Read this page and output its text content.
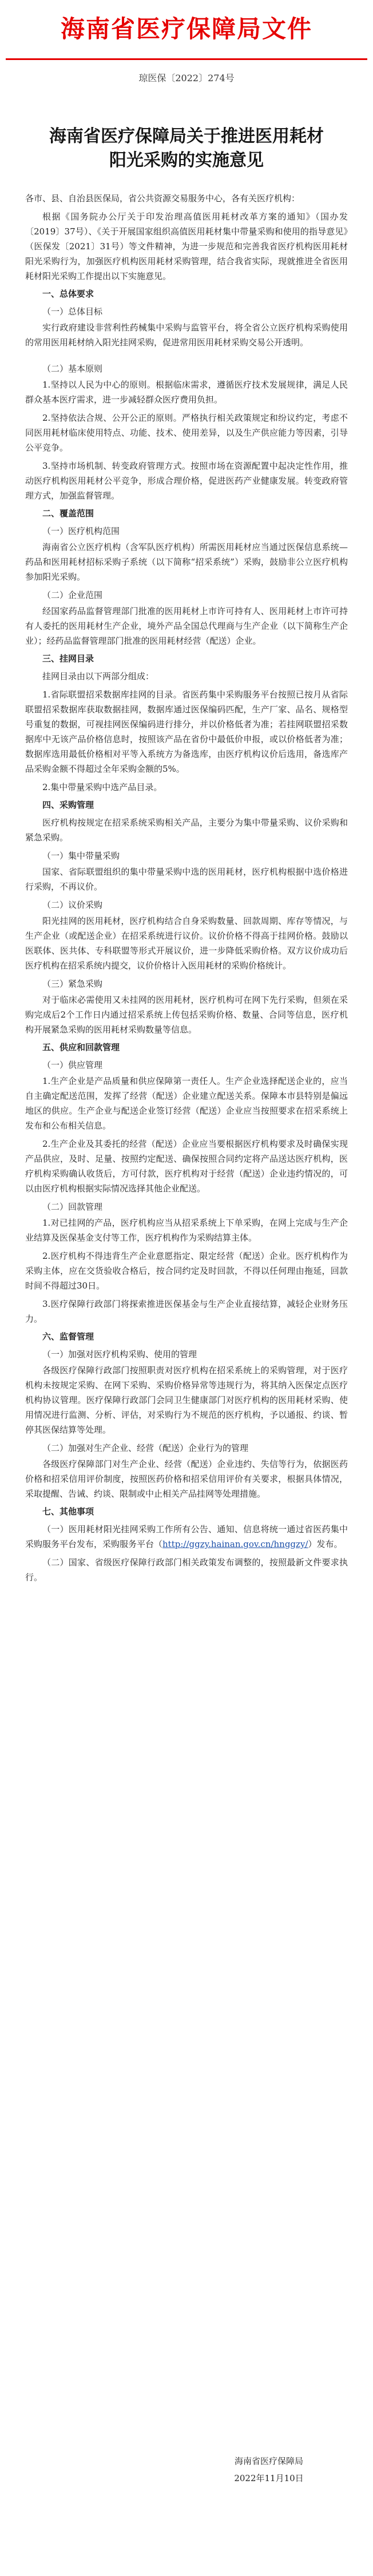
海南省医疗保障局文件
琼医保〔2022〕274号
海南省医疗保障局关于推进医用耗材阳光采购的实施意见

各市、县、自治县医保局，省公共资源交易服务中心，各有关医疗机构：

根据《国务院办公厅关于印发治理高值医用耗材改革方案的通知》（国办发〔2019〕37号）、《关于开展国家组织高值医用耗材集中带量采购和使用的指导意见》（医保发〔2021〕31号）等文件精神，为进一步规范和完善我省医疗机构医用耗材阳光采购行为，加强医疗机构医用耗材采购管理，结合我省实际，现就推进全省医用耗材阳光采购工作提出以下实施意见。

一、总体要求
（一）总体目标

实行政府建设非营利性药械集中采购与监管平台，将全省公立医疗机构采购使用的常用医用耗材纳入阳光挂网采购，促进常用医用耗材采购交易公开透明。

（二）基本原则

1.坚持以人民为中心的原则。根据临床需求，遵循医疗技术发展规律，满足人民群众基本医疗需求，进一步减轻群众医疗费用负担。

2.坚持依法合规、公开公正的原则。严格执行相关政策规定和纷议约定，考虑不同医用耗材临床使用特点、功能、技术、使用差异，以及生产供应能力等因素，引导公平竞争。

3.坚持市场机制、转变政府管理方式。按照市场在资源配置中起决定性作用，推动医疗机构医用耗材公平竞争，形成合理价格，促进医药产业健康发展。转变政府管理方式，加强监督管理。

二、覆盖范围
（一）医疗机构范围

海南省公立医疗机构（含军队医疗机构）所需医用耗材应当通过医保信息系统—药品和医用耗材招标采购子系统（以下简称“招采系统”）采购，鼓励非公立医疗机构参加阳光采购。

（二）企业范围

经国家药品监督管理部门批准的医用耗材上市许可持有人、医用耗材上市许可持有人委托的医用耗材生产企业，境外产品全国总代理商与生产企业（以下简称生产企业）；经药品监督管理部门批准的医用耗材经营（配送）企业。

三、挂网目录

挂网目录由以下两部分组成：

1.省际联盟招采数据库挂网的目录。省医药集中采购服务平台按照已按月从省际联盟招采数据库获取数据挂网，数据库通过医保编码匹配，生产厂家、品名、规格型号重复的数据，可视挂网医保编码进行排分，并以价格低者为准；若挂网联盟招采数据库中无该产品价格信息时，按照该产品在省份中最低价申报，或以价格低者为准；数据库选用最低价格相对平等入系统方为备选库，由医疗机构议价后选用，备选库产品采购金额不得超过全年采购金额的5%。

2.集中带量采购中选产品目录。

四、采购管理

医疗机构按规定在招采系统采购相关产品，主要分为集中带量采购、议价采购和紧急采购。

（一）集中带量采购

国家、省际联盟组织的集中带量采购中选的医用耗材，医疗机构根据中选价格进行采购，不再议价。

（二）议价采购

阳光挂网的医用耗材，医疗机构结合自身采购数量、回款周期、库存等情况，与生产企业（或配送企业）在招采系统进行议价。议价价格不得高于挂网价格。鼓励以医联体、医共体、专科联盟等形式开展议价，进一步降低采购价格。双方议价成功后医疗机构在招采系统内提交，议价价格计入医用耗材的采购价格统计。

（三）紧急采购

对于临床必需使用又未挂网的医用耗材，医疗机构可在网下先行采购，但须在采购完成后2个工作日内通过招采系统上传包括采购价格、数量、合同等信息，医疗机构开展紧急采购的医用耗材采购数量等信息。

五、供应和回款管理
（一）供应管理

1.生产企业是产品质量和供应保障第一责任人。生产企业选择配送企业的，应当自主确定配送范围，发挥了经营（配送）企业建立配送关系。保障本市县特别是偏远地区的供应。生产企业与配送企业签订经营（配送）企业应当按照要求在招采系统上发布和公布相关信息。

2.生产企业及其委托的经营（配送）企业应当要根据医疗机构要求及时确保实现产品供应，及时、足量、按照约定配送、确保按照合同约定将产品送达医疗机构，医疗机构采购确认收货后，方可付款，医疗机构对于经营（配送）企业违约情况的，可以由医疗机构根据实际情况选择其他企业配送。

（二）回款管理

1.对已挂网的产品，医疗机构应当从招采系统上下单采购，在网上完成与生产企业结算及医保基金支付等工作，医疗机构作为采购结算主体。

2.医疗机构不得违背生产企业意愿指定、限定经营（配送）企业。医疗机构作为采购主体，应在交货验收合格后，按合同约定及时回款，不得以任何理由拖延，回款时间不得超过30日。

3.医疗保障行政部门将探索推进医保基金与生产企业直接结算，减轻企业财务压力。

六、监督管理
（一）加强对医疗机构采购、使用的管理

各级医疗保障行政部门按照职责对医疗机构在招采系统上的采购管理，对于医疗机构未按规定采购、在网下采购、采购价格异常等违规行为，将其纳入医保定点医疗机构协议管理。医疗保障行政部门会同卫生健康部门对医疗机构的医用耗材采购、使用情况进行监测、分析、评估，对采购行为不规范的医疗机构，予以通报、约谈、暂停其医保结算等处理。

（二）加强对生产企业、经营（配送）企业行为的管理

各级医疗保障部门对生产企业、经营（配送）企业违约、失信等行为，依据医药价格和招采信用评价制度，按照医药价格和招采信用评价有关要求，根据具体情况，采取提醒、告诫、约谈、限制或中止相关产品挂网等处理措施。

七、其他事项

（一）医用耗材阳光挂网采购工作所有公告、通知、信息将统一通过省医药集中采购服务平台发布，采购服务平台（http://ggzy.hainan.gov.cn/hnggzy/）发布。

（二）国家、省级医疗保障行政部门相关政策发布调整的，按照最新文件要求执行。

海南省医疗保障局
2022年11月10日
